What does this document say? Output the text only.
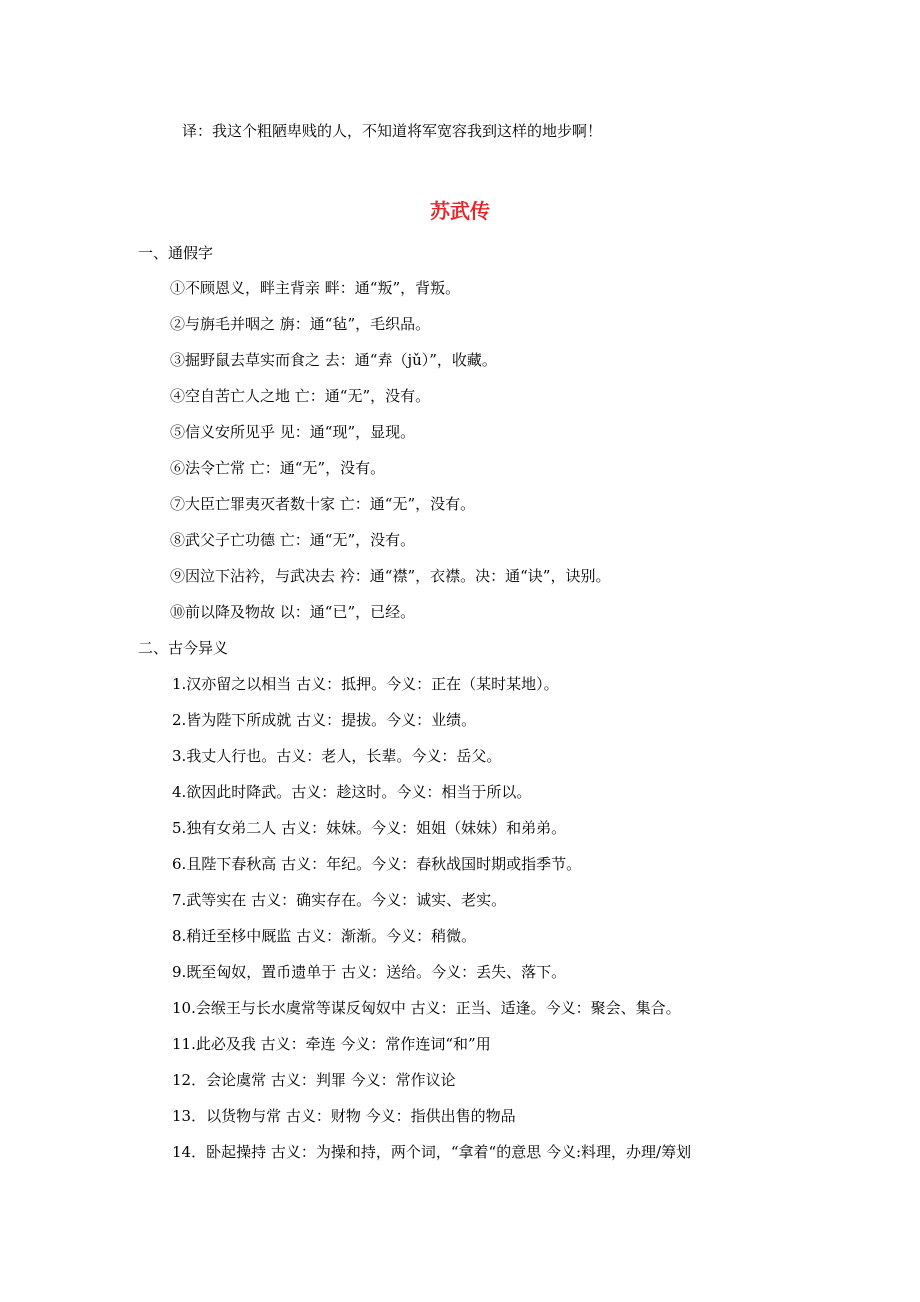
译：我这个粗陋卑贱的人，不知道将军宽容我到这样的地步啊！
苏武传
一、通假字
①不顾恩义，畔主背亲 畔：通“叛”，背叛。
②与旃毛并咽之 旃：通“毡”，毛织品。
③掘野鼠去草实而食之 去：通“弆（jǔ）”，收藏。
④空自苦亡人之地 亡：通“无”，没有。
⑤信义安所见乎 见：通“现”，显现。
⑥法令亡常 亡：通“无”，没有。
⑦大臣亡罪夷灭者数十家 亡：通“无”，没有。
⑧武父子亡功德 亡：通“无”，没有。
⑨因泣下沾衿，与武决去 衿：通“襟”，衣襟。决：通“诀”，诀别。
⑩前以降及物故 以：通“已”，已经。
二、古今异义
1.汉亦留之以相当 古义：抵押。今义：正在（某时某地）。
2.皆为陛下所成就 古义：提拔。今义：业绩。
3.我丈人行也。古义：老人，长辈。今义：岳父。
4.欲因此时降武。古义：趁这时。今义：相当于所以。
5.独有女弟二人 古义：妹妹。今义：姐姐（妹妹）和弟弟。
6.且陛下春秋高 古义：年纪。今义：春秋战国时期或指季节。
7.武等实在 古义：确实存在。今义：诚实、老实。
8.稍迁至栘中厩监 古义：渐渐。今义：稍微。
9.既至匈奴，置币遗单于 古义：送给。今义：丢失、落下。
10.会缑王与长水虞常等谋反匈奴中 古义：正当、适逢。今义：聚会、集合。
11.此必及我 古义：牵连 今义：常作连词“和”用
12．会论虞常 古义：判罪 今义：常作议论
13．以货物与常 古义：财物 今义：指供出售的物品
14．卧起操持 古义：为操和持，两个词，“拿着“的意思 今义:料理，办理/筹划
